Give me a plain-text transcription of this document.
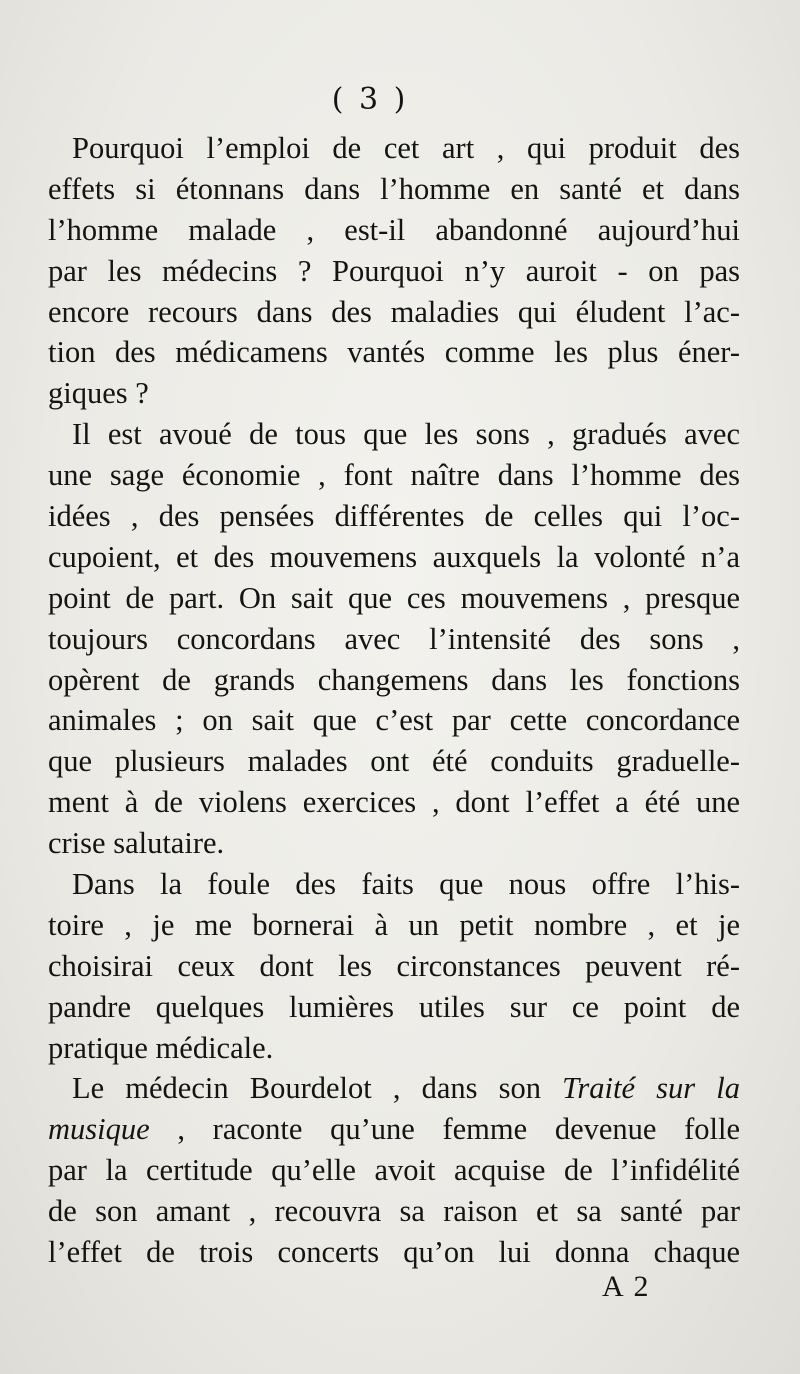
( 3 )
Pourquoi l’emploi de cet art , qui produit des
effets si étonnans dans l’homme en santé et dans
l’homme malade , est-il abandonné aujourd’hui
par les médecins ? Pourquoi n’y auroit - on pas
encore recours dans des maladies qui éludent l’ac-
tion des médicamens vantés comme les plus éner-
giques ?
Il est avoué de tous que les sons , gradués avec
une sage économie , font naître dans l’homme des
idées , des pensées différentes de celles qui l’oc-
cupoient, et des mouvemens auxquels la volonté n’a
point de part. On sait que ces mouvemens , presque
toujours concordans avec l’intensité des sons ,
opèrent de grands changemens dans les fonctions
animales ; on sait que c’est par cette concordance
que plusieurs malades ont été conduits graduelle-
ment à de violens exercices , dont l’effet a été une
crise salutaire.
Dans la foule des faits que nous offre l’his-
toire , je me bornerai à un petit nombre , et je
choisirai ceux dont les circonstances peuvent ré-
pandre quelques lumières utiles sur ce point de
pratique médicale.
Le médecin Bourdelot , dans son Traité sur la
musique , raconte qu’une femme devenue folle
par la certitude qu’elle avoit acquise de l’infidélité
de son amant , recouvra sa raison et sa santé par
l’effet de trois concerts qu’on lui donna chaque
A 2
